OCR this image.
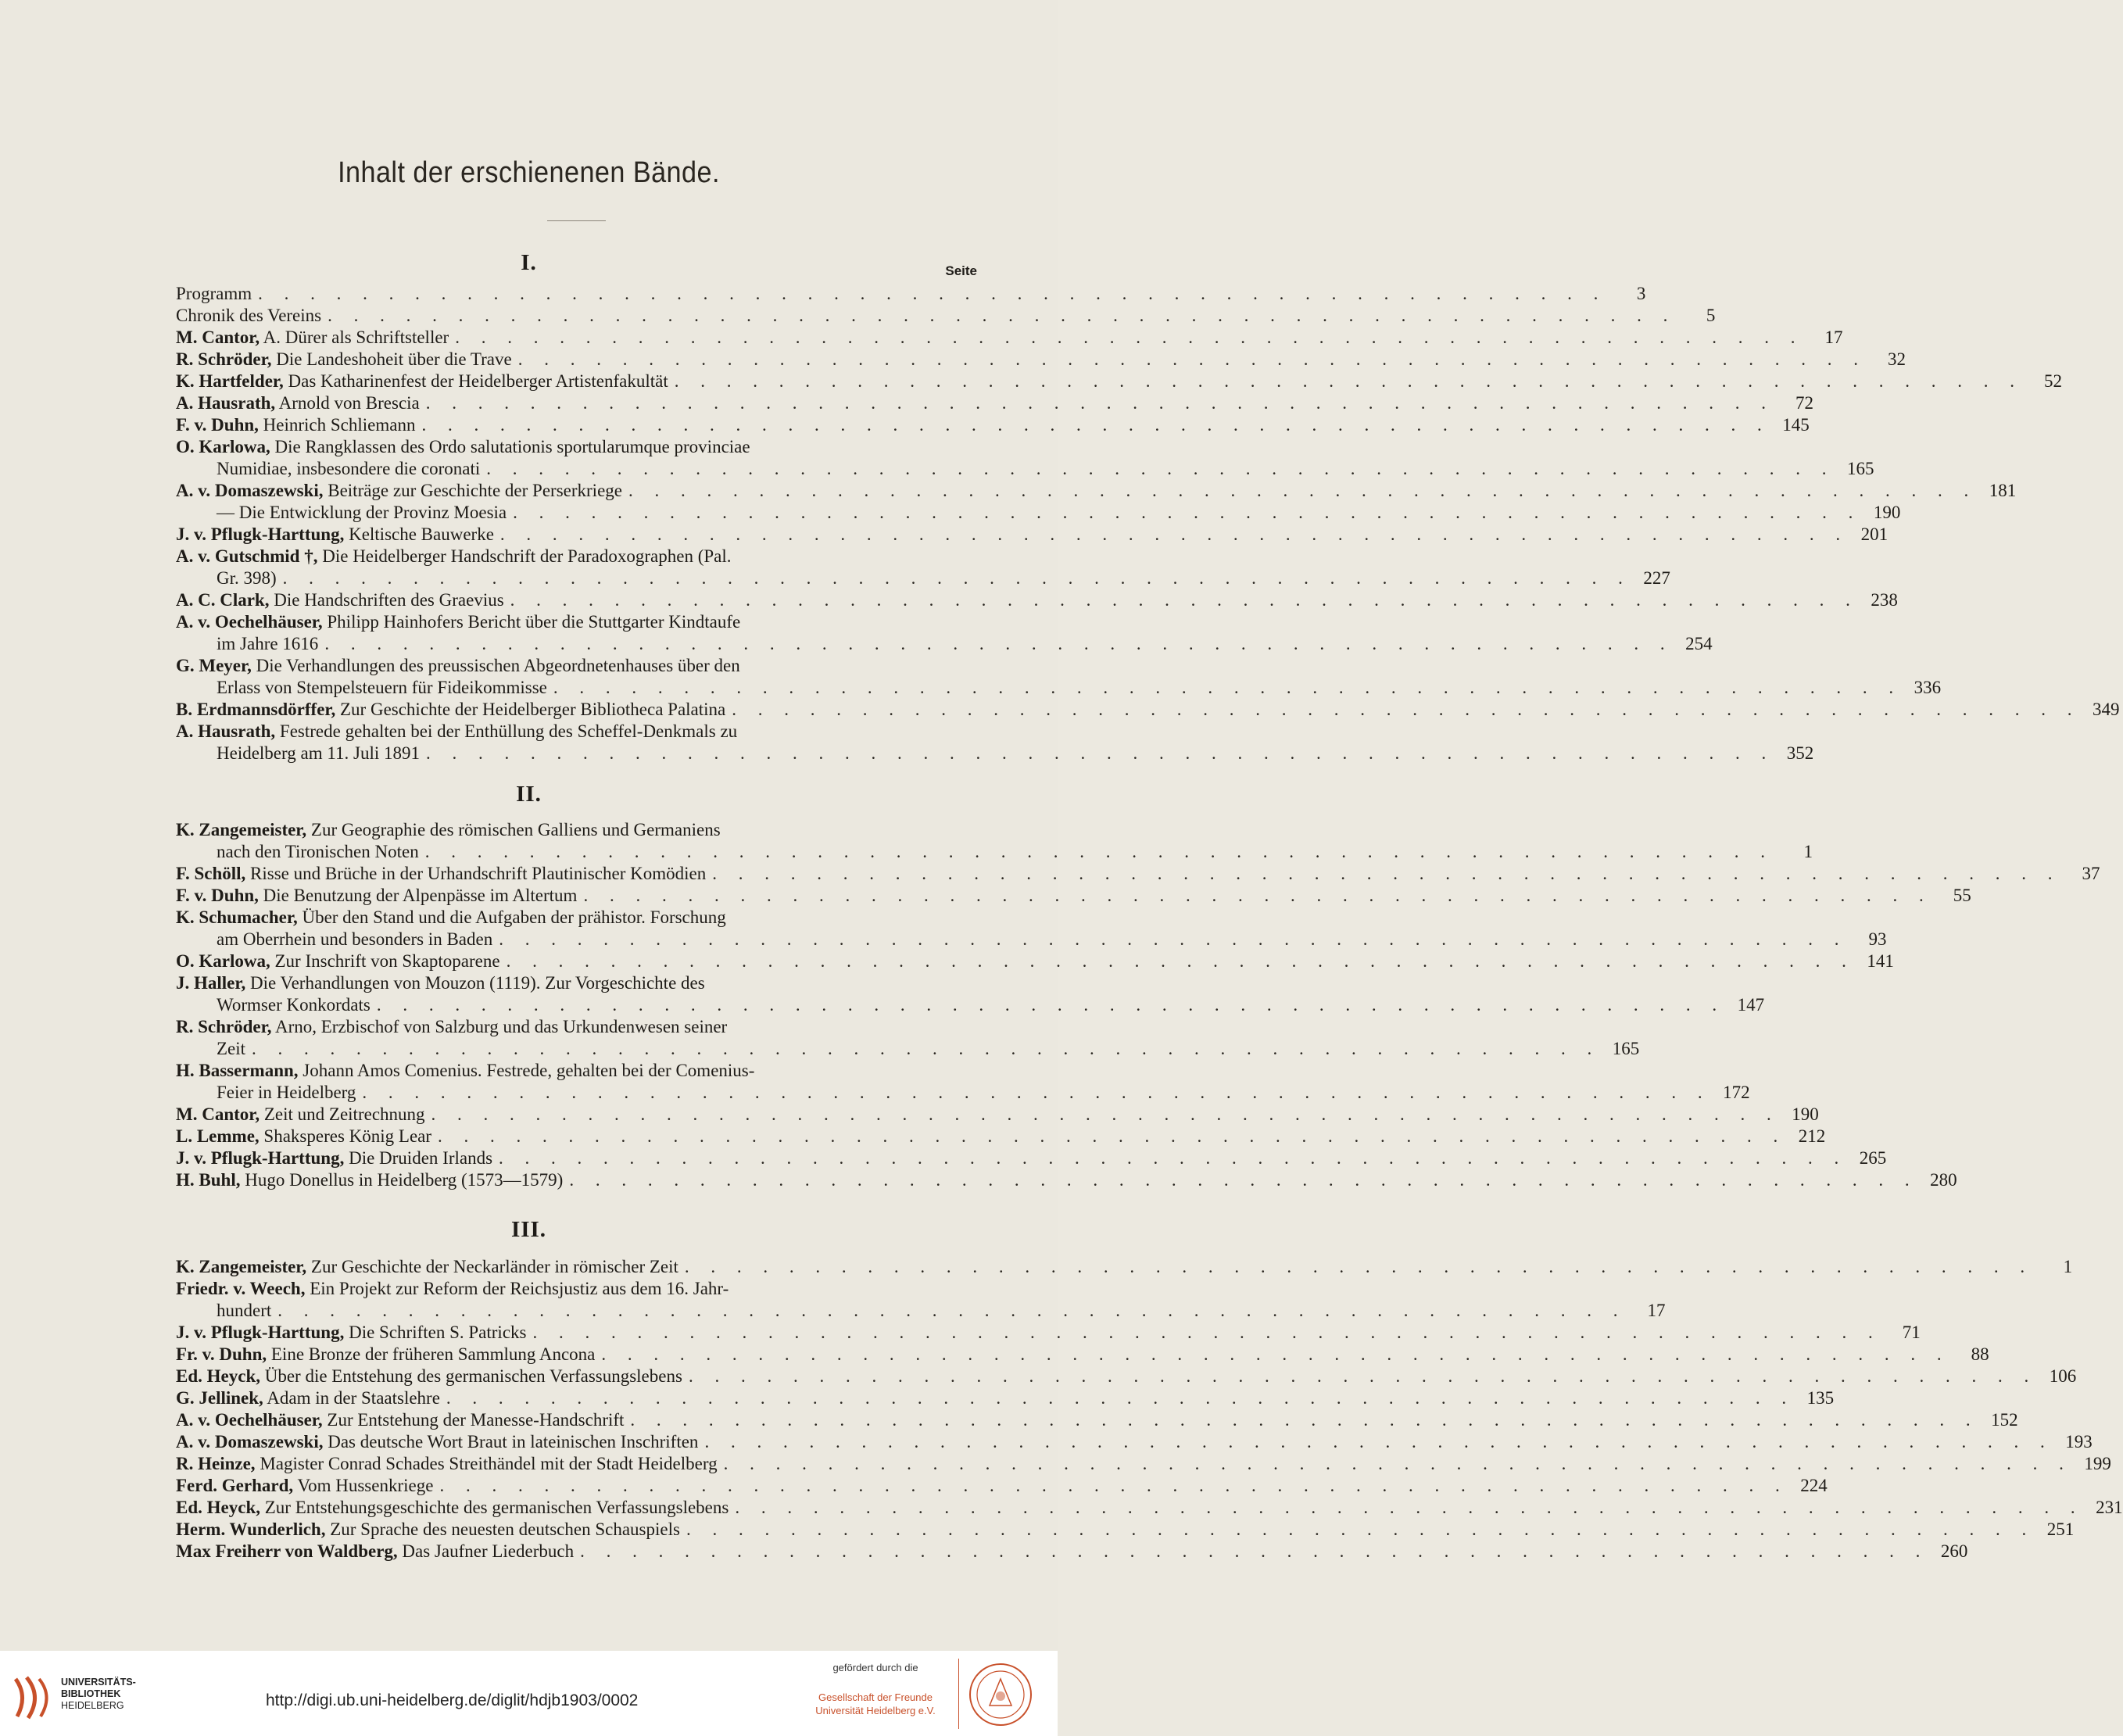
Inhalt der erschienenen Bände.
Seite
I.
Programm . . .	3
Chronik des Vereins . . .	5
M. Cantor, A. Dürer als Schriftsteller . . .	17
R. Schröder, Die Landeshoheit über die Trave . . .	32
K. Hartfelder, Das Katharinenfest der Heidelberger Artistenfakultät . . .	52
A. Hausrath, Arnold von Brescia . . .	72
F. v. Duhn, Heinrich Schliemann . . .	145
O. Karlowa, Die Rangklassen des Ordo salutationis sportularumque provinciae
Numidiae, insbesondere die coronati . . .	165
A. v. Domaszewski, Beiträge zur Geschichte der Perserkriege . . .	181
— Die Entwicklung der Provinz Moesia . . .	190
J. v. Pflugk-Harttung, Keltische Bauwerke . . .	201
A. v. Gutschmid †, Die Heidelberger Handschrift der Paradoxographen (Pal.
Gr. 398) . . .	227
A. C. Clark, Die Handschriften des Graevius . . .	238
A. v. Oechelhäuser, Philipp Hainhofers Bericht über die Stuttgarter Kindtaufe
im Jahre 1616 . . .	254
G. Meyer, Die Verhandlungen des preussischen Abgeordnetenhauses über den
Erlass von Stempelsteuern für Fideikommisse . . .	336
B. Erdmannsdörffer, Zur Geschichte der Heidelberger Bibliotheca Palatina . . .	349
A. Hausrath, Festrede gehalten bei der Enthüllung des Scheffel-Denkmals zu
Heidelberg am 11. Juli 1891 . . .	352
II.
K. Zangemeister, Zur Geographie des römischen Galliens und Germaniens
nach den Tironischen Noten . . .	1
F. Schöll, Risse und Brüche in der Urhandschrift Plautinischer Komödien . . .	37
F. v. Duhn, Die Benutzung der Alpenpässe im Altertum . . .	55
K. Schumacher, Über den Stand und die Aufgaben der prähistor. Forschung
am Oberrhein und besonders in Baden . . .	93
O. Karlowa, Zur Inschrift von Skaptoparene . . .	141
J. Haller, Die Verhandlungen von Mouzon (1119). Zur Vorgeschichte des
Wormser Konkordats . . .	147
R. Schröder, Arno, Erzbischof von Salzburg und das Urkundenwesen seiner
Zeit . . .	165
H. Bassermann, Johann Amos Comenius. Festrede, gehalten bei der Comenius-
Feier in Heidelberg . . .	172
M. Cantor, Zeit und Zeitrechnung . . .	190
L. Lemme, Shaksperes König Lear . . .	212
J. v. Pflugk-Harttung, Die Druiden Irlands . . .	265
H. Buhl, Hugo Donellus in Heidelberg (1573—1579) . . .	280
III.
K. Zangemeister, Zur Geschichte der Neckarländer in römischer Zeit . . .	1
Friedr. v. Weech, Ein Projekt zur Reform der Reichsjustiz aus dem 16. Jahr-
hundert . . .	17
J. v. Pflugk-Harttung, Die Schriften S. Patricks . . .	71
Fr. v. Duhn, Eine Bronze der früheren Sammlung Ancona . . .	88
Ed. Heyck, Über die Entstehung des germanischen Verfassungslebens . . .	106
G. Jellinek, Adam in der Staatslehre . . .	135
A. v. Oechelhäuser, Zur Entstehung der Manesse-Handschrift . . .	152
A. v. Domaszewski, Das deutsche Wort Braut in lateinischen Inschriften . . .	193
R. Heinze, Magister Conrad Schades Streithändel mit der Stadt Heidelberg . . .	199
Ferd. Gerhard, Vom Hussenkriege . . .	224
Ed. Heyck, Zur Entstehungsgeschichte des germanischen Verfassungslebens . . .	231
Herm. Wunderlich, Zur Sprache des neuesten deutschen Schauspiels . . .	251
Max Freiherr von Waldberg, Das Jaufner Liederbuch . . .	260
UNIVERSITÄTS-
BIBLIOTHEK
HEIDELBERG	http://digi.ub.uni-heidelberg.de/diglit/hdjb1903/0002
gefördert durch die
Gesellschaft der Freunde
Universität Heidelberg e.V.
